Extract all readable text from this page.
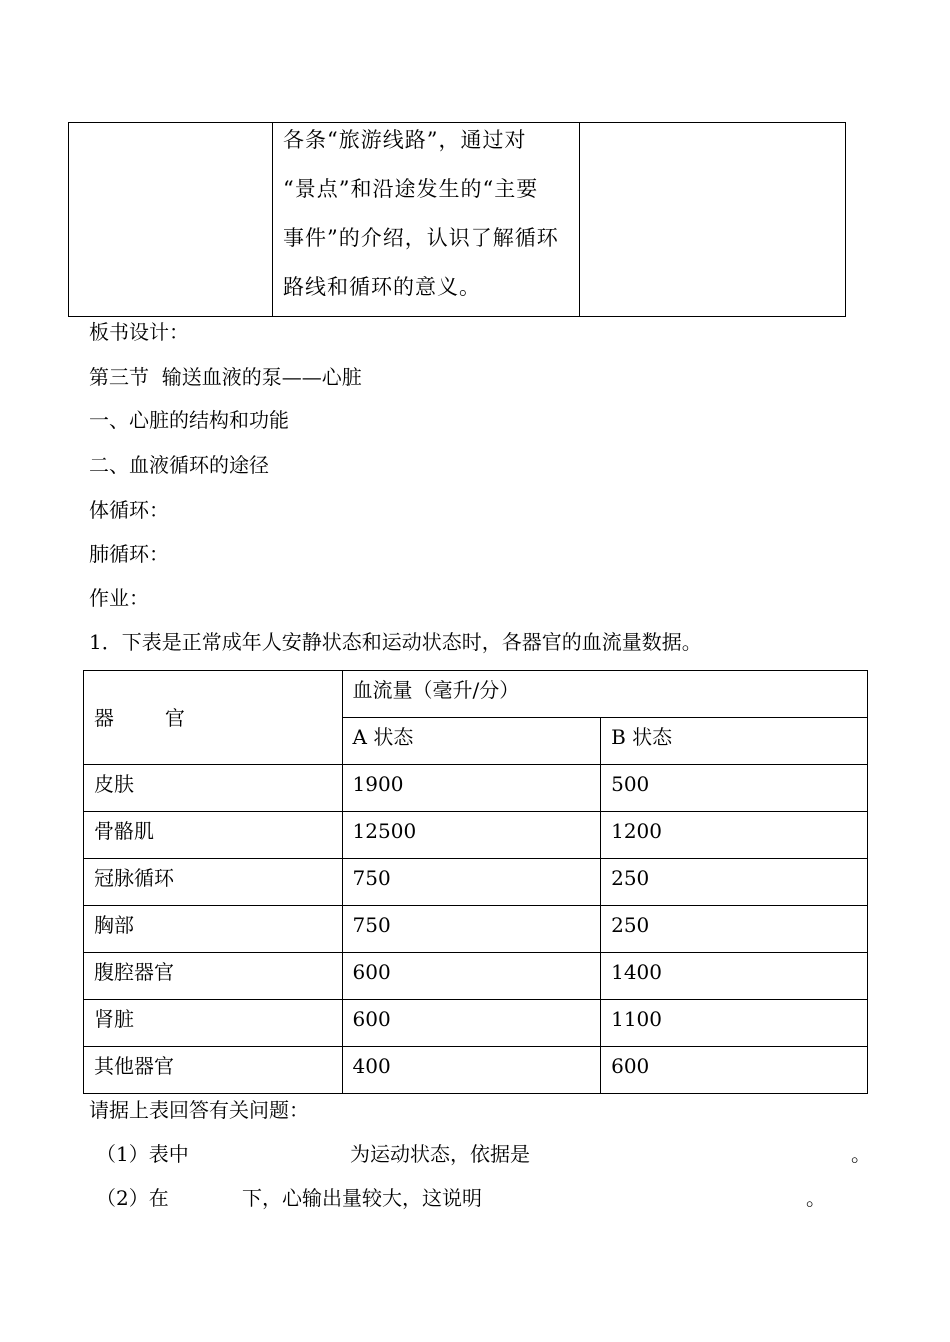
各条“旅游线路”，通过对
“景点”和沿途发生的“主要
事件”的介绍，认识了解循环
路线和循环的意义。

板书设计：
第三节  输送血液的泵——心脏
一、心脏的结构和功能
二、血液循环的途径
体循环：
肺循环：
作业：
1．下表是正常成年人安静状态和运动状态时，各器官的血流量数据。
器        官	血流量（毫升/分）	

	A 状态	B 状态

皮肤	1900	500

骨骼肌	12500	1200

冠脉循环	750	250

胸部	750	250

腹腔器官	600	1400

肾脏	600	1100

其他器官	400	600
请据上表回答有关问题：
（1）表中	为运动状态，依据是	。
（2）在	下，心输出量较大，这说明	。
